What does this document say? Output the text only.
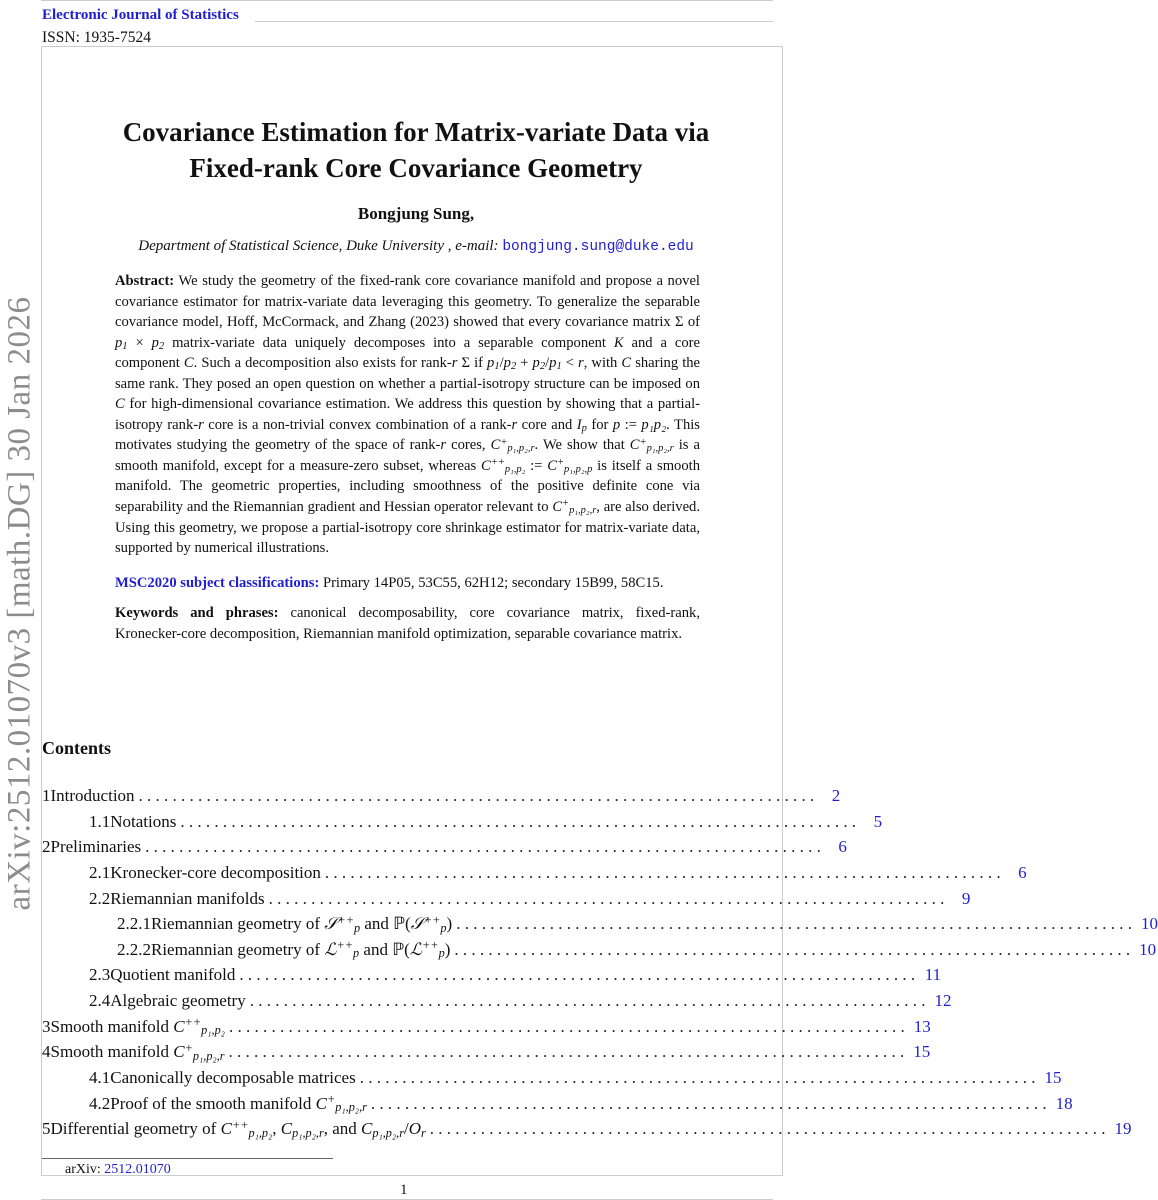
Electronic Journal of Statistics
ISSN: 1935-7524
arXiv:2512.01070v3 [math.DG] 30 Jan 2026
Covariance Estimation for Matrix-variate Data via
Fixed-rank Core Covariance Geometry
Bongjung Sung,
Department of Statistical Science, Duke University , e-mail: bongjung.sung@duke.edu
Abstract: We study the geometry of the fixed-rank core covariance manifold and propose a novel covariance estimator for matrix-variate data leveraging this geometry. To generalize the separable covariance model, Hoff, McCormack, and Zhang (2023) showed that every covariance matrix Σ of p1 × p2 matrix-variate data uniquely decomposes into a separable component K and a core component C. Such a decomposition also exists for rank-r Σ if p1/p2 + p2/p1 < r, with C sharing the same rank. They posed an open question on whether a partial-isotropy structure can be imposed on C for high-dimensional covariance estimation. We address this question by showing that a partial-isotropy rank-r core is a non-trivial convex combination of a rank-r core and Ip for p := p₁p₂. This motivates studying the geometry of the space of rank-r cores, C+p₁,p₂,r. We show that C+p₁,p₂,r is a smooth manifold, except for a measure-zero subset, whereas C++p₁,p₂ := C+p₁,p₂,p is itself a smooth manifold. The geometric properties, including smoothness of the positive definite cone via separability and the Riemannian gradient and Hessian operator relevant to C+p₁,p₂,r, are also derived. Using this geometry, we propose a partial-isotropy core shrinkage estimator for matrix-variate data, supported by numerical illustrations.
MSC2020 subject classifications: Primary 14P05, 53C55, 62H12; secondary 15B99, 58C15.
Keywords and phrases: canonical decomposability, core covariance matrix, fixed-rank, Kronecker-core decomposition, Riemannian manifold optimization, separable covariance matrix.
Contents
1 Introduction . . . . . . . . . . . . . . . . . . . . . . . . . . . . . . . . . . . . . . . . . . . . . . . . . . . . . . . . . . . . . . . . . . . . . . . . . . . . . . . .	2
1.1 Notations . . . . . . . . . . . . . . . . . . . . . . . . . . . . . . . . . . . . . . . . . . . . . . . . . . . . . . . . . . . . . . . . . . . . . . . . . . . . . . . .	5
2 Preliminaries . . . . . . . . . . . . . . . . . . . . . . . . . . . . . . . . . . . . . . . . . . . . . . . . . . . . . . . . . . . . . . . . . . . . . . . . . . . . . . . .	6
2.1 Kronecker-core decomposition . . . . . . . . . . . . . . . . . . . . . . . . . . . . . . . . . . . . . . . . . . . . . . . . . . . . . . . . . . . . . . . . . . . . . . . . . . . . . . . .	6
2.2 Riemannian manifolds . . . . . . . . . . . . . . . . . . . . . . . . . . . . . . . . . . . . . . . . . . . . . . . . . . . . . . . . . . . . . . . . . . . . . . . . . . . . . . . .	9
2.2.1 Riemannian geometry of 𝒮++p and ℙ(𝒮++p) . . . . . . . . . . . . . . . . . . . . . . . . . . . . . . . . . . . . . . . . . . . . . . . . . . . . . . . . . . . . . . . . . . . . . . . . . . . . . . . . 10
2.2.2 Riemannian geometry of ℒ++p and ℙ(ℒ++p) . . . . . . . . . . . . . . . . . . . . . . . . . . . . . . . . . . . . . . . . . . . . . . . . . . . . . . . . . . . . . . . . . . . . . . . . . . . . . . . . 10
2.3 Quotient manifold . . . . . . . . . . . . . . . . . . . . . . . . . . . . . . . . . . . . . . . . . . . . . . . . . . . . . . . . . . . . . . . . . . . . . . . . . . . . . . . . 11
2.4 Algebraic geometry . . . . . . . . . . . . . . . . . . . . . . . . . . . . . . . . . . . . . . . . . . . . . . . . . . . . . . . . . . . . . . . . . . . . . . . . . . . . . . . . 12
3 Smooth manifold C++p₁,p₂ . . . . . . . . . . . . . . . . . . . . . . . . . . . . . . . . . . . . . . . . . . . . . . . . . . . . . . . . . . . . . . . . . . . . . . . . . . . . . . . . 13
4 Smooth manifold C+p₁,p₂,r . . . . . . . . . . . . . . . . . . . . . . . . . . . . . . . . . . . . . . . . . . . . . . . . . . . . . . . . . . . . . . . . . . . . . . . . . . . . . . . . 15
4.1 Canonically decomposable matrices . . . . . . . . . . . . . . . . . . . . . . . . . . . . . . . . . . . . . . . . . . . . . . . . . . . . . . . . . . . . . . . . . . . . . . . . . . . . . . . . 15
4.2 Proof of the smooth manifold C+p₁,p₂,r . . . . . . . . . . . . . . . . . . . . . . . . . . . . . . . . . . . . . . . . . . . . . . . . . . . . . . . . . . . . . . . . . . . . . . . . . . . . . . . . 18
5 Differential geometry of C++p₁,p₂, Cp₁,p₂,r, and Cp₁,p₂,r/Or . . . . . . . . . . . . . . . . . . . . . . . . . . . . . . . . . . . . . . . . . . . . . . . . . . . . . . . . . . . . . . . . . . . . . . . . . . . . . . . . 19
arXiv: 2512.01070
1
